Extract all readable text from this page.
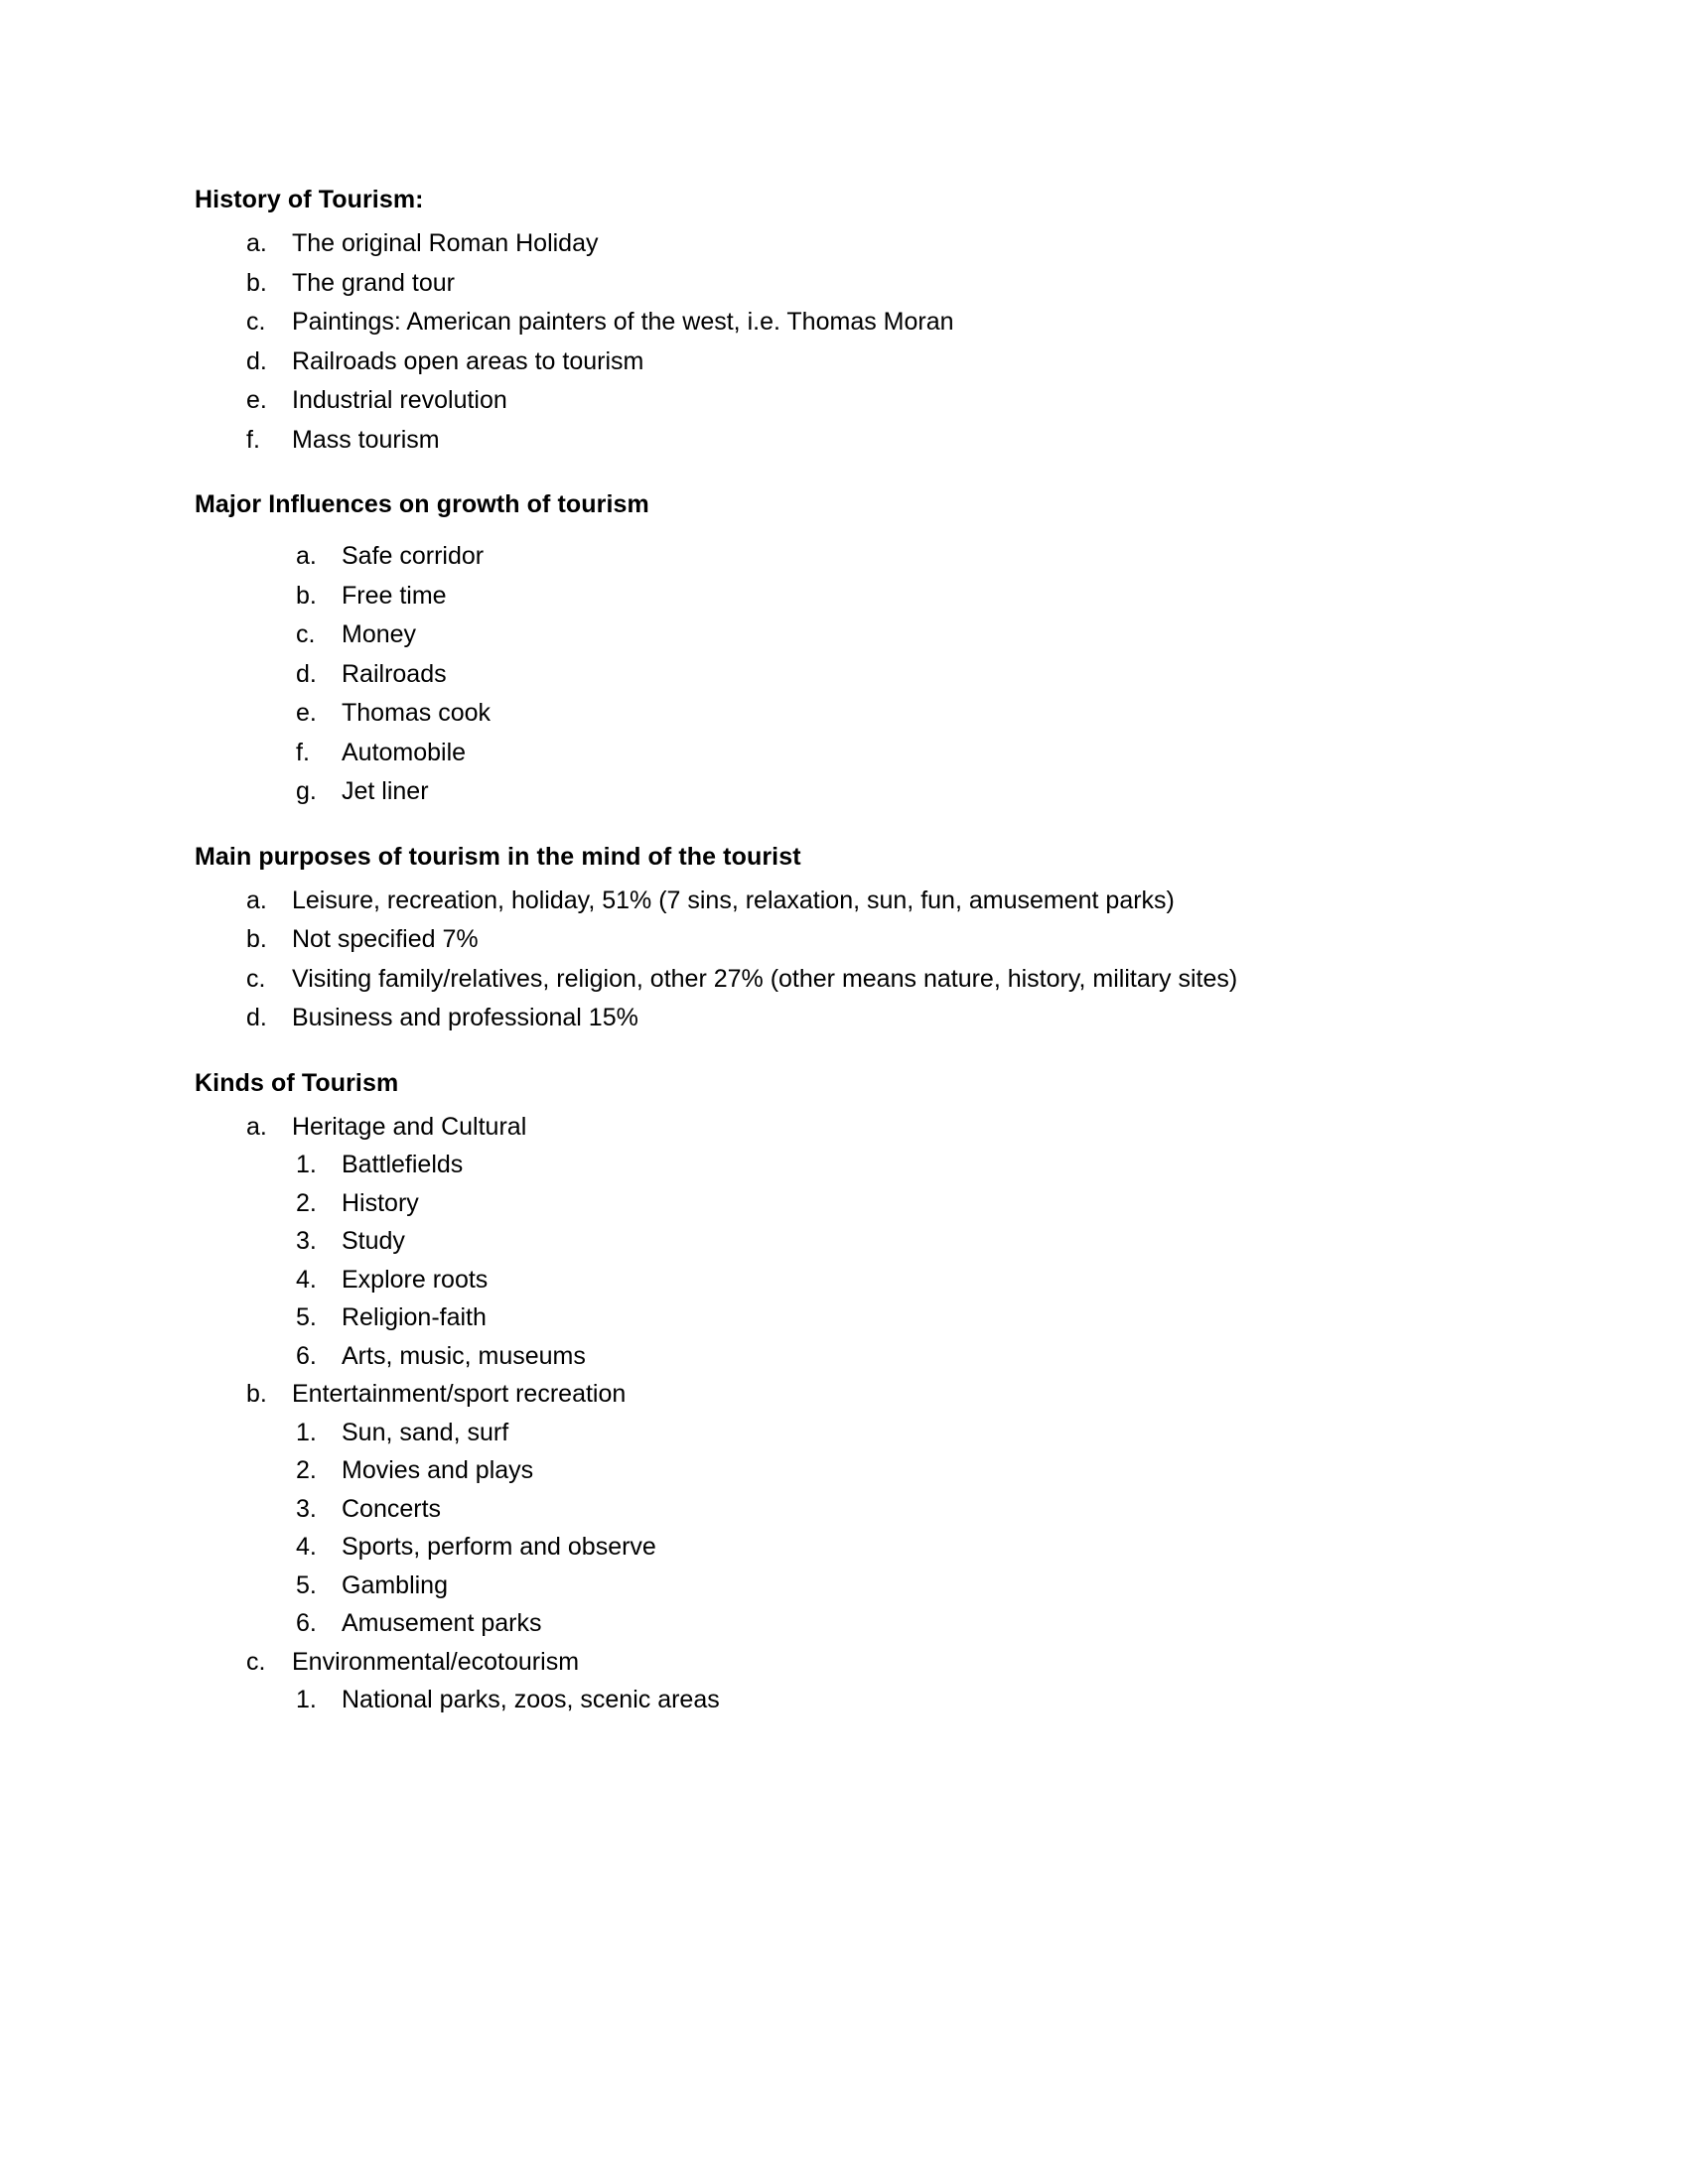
History of Tourism:
a.	The original Roman Holiday
b.	The grand tour
c.	Paintings: American painters of the west, i.e. Thomas Moran
d.	Railroads open areas to tourism
e.	Industrial revolution
f.	Mass tourism
Major Influences on growth of tourism
a.	Safe corridor
b.	Free time
c.	Money
d.	Railroads
e.	Thomas cook
f.	Automobile
g.	Jet liner
Main purposes of tourism in the mind of the tourist
a.	Leisure, recreation, holiday, 51% (7 sins, relaxation, sun, fun, amusement parks)
b.	Not specified 7%
c.	Visiting family/relatives, religion, other 27% (other means nature, history, military sites)
d.	Business and professional 15%
Kinds of Tourism
a.	Heritage and Cultural
1.	Battlefields
2.	History
3.	Study
4.	Explore roots
5.	Religion-faith
6.	Arts, music, museums
b.	Entertainment/sport recreation
1.	Sun, sand, surf
2.	Movies and plays
3.	Concerts
4.	Sports, perform and observe
5.	Gambling
6.	Amusement parks
c.	Environmental/ecotourism
1.	National parks, zoos, scenic areas
